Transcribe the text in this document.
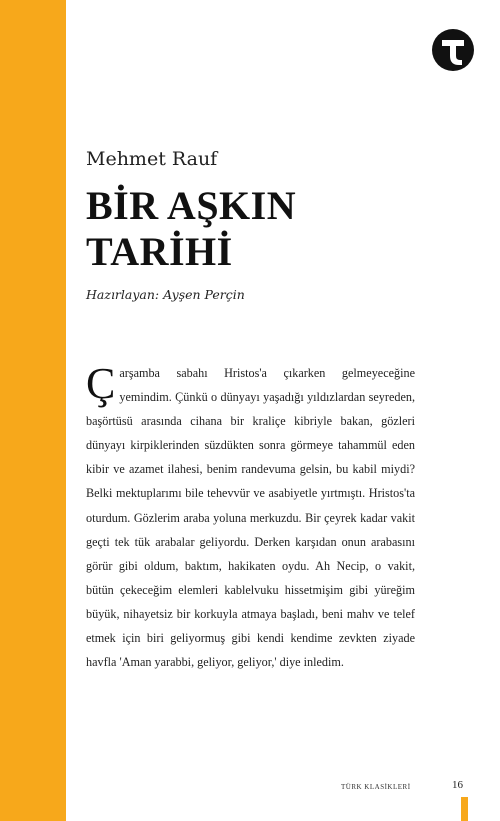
Mehmet Rauf
BİR AŞKIN
TARİHİ
Hazırlayan: Ayşen Perçin
Ç arşamba sabahı Hristos'a çıkarken gelmeyeceğine yemindim. Çünkü o dünyayı yaşadığı yıldızlardan seyreden, başörtüsü arasında cihana bir kraliçe kibriyle bakan, gözleri dünyayı kirpiklerinden süzdükten sonra görmeye tahammül eden kibir ve azamet ilahesi, benim randevuma gelsin, bu kabil miydi? Belki mektuplarımı bile tehevvür ve asabiyetle yırtmıştı. Hristos'ta oturdum. Gözlerim araba yoluna merkuzdu. Bir çeyrek kadar vakit geçti tek tük arabalar geliyordu. Derken karşıdan onun arabasını görür gibi oldum, baktım, hakikaten oydu. Ah Necip, o vakit, bütün çekeceğim elemleri kablelvuku hissetmişim gibi yüreğim büyük, nihayetsiz bir korkuyla atmaya başladı, beni mahv ve telef etmek için biri geliyormuş gibi kendi kendime zevkten ziyade havfla 'Aman yarabbi, geliyor, geliyor,' diye inledim.
TÜRK KLASİKLERİ	16
